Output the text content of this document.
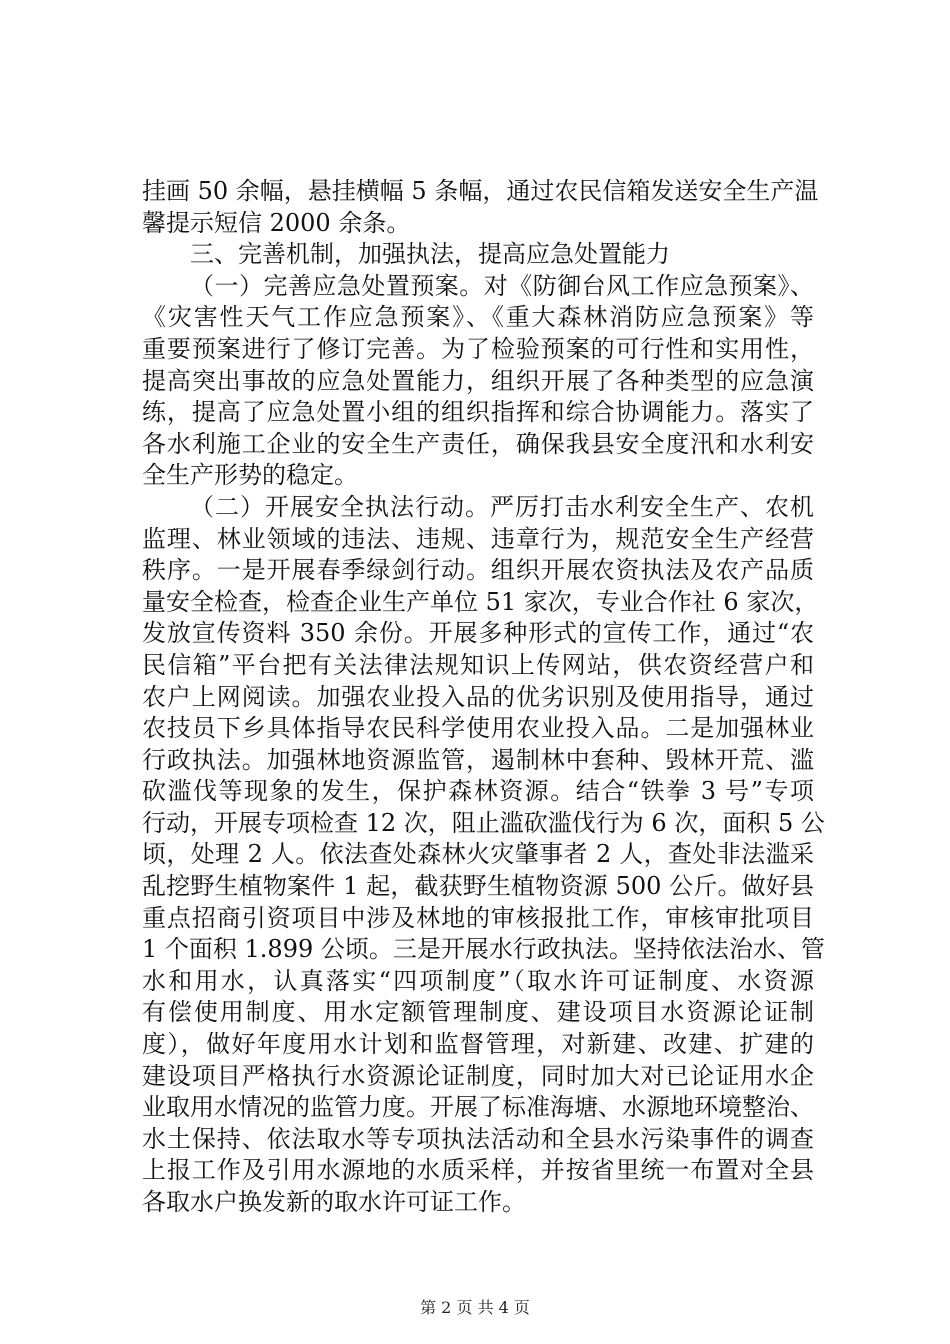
挂画 50 余幅，悬挂横幅 5 条幅，通过农民信箱发送安全生产温
馨提示短信 2000 余条。
三、完善机制，加强执法，提高应急处置能力
（一）完善应急处置预案。对《防御台风工作应急预案》、
《灾害性天气工作应急预案》、《重大森林消防应急预案》等
重要预案进行了修订完善。为了检验预案的可行性和实用性，
提高突出事故的应急处置能力，组织开展了各种类型的应急演
练，提高了应急处置小组的组织指挥和综合协调能力。落实了
各水利施工企业的安全生产责任，确保我县安全度汛和水利安
全生产形势的稳定。
（二）开展安全执法行动。严厉打击水利安全生产、农机
监理、林业领域的违法、违规、违章行为，规范安全生产经营
秩序。一是开展春季绿剑行动。组织开展农资执法及农产品质
量安全检查，检查企业生产单位 51 家次，专业合作社 6 家次，
发放宣传资料 350 余份。开展多种形式的宣传工作，通过“农
民信箱”平台把有关法律法规知识上传网站，供农资经营户和
农户上网阅读。加强农业投入品的优劣识别及使用指导，通过
农技员下乡具体指导农民科学使用农业投入品。二是加强林业
行政执法。加强林地资源监管，遏制林中套种、毁林开荒、滥
砍滥伐等现象的发生，保护森林资源。结合“铁拳 3 号”专项
行动，开展专项检查 12 次，阻止滥砍滥伐行为 6 次，面积 5 公
顷，处理 2 人。依法查处森林火灾肇事者 2 人，查处非法滥采
乱挖野生植物案件 1 起，截获野生植物资源 500 公斤。做好县
重点招商引资项目中涉及林地的审核报批工作，审核审批项目
1 个面积 1.899 公顷。三是开展水行政执法。坚持依法治水、管
水和用水，认真落实“四项制度”（取水许可证制度、水资源
有偿使用制度、用水定额管理制度、建设项目水资源论证制
度），做好年度用水计划和监督管理，对新建、改建、扩建的
建设项目严格执行水资源论证制度，同时加大对已论证用水企
业取用水情况的监管力度。开展了标准海塘、水源地环境整治、
水土保持、依法取水等专项执法活动和全县水污染事件的调查
上报工作及引用水源地的水质采样，并按省里统一布置对全县
各取水户换发新的取水许可证工作。
第 2 页 共 4 页
